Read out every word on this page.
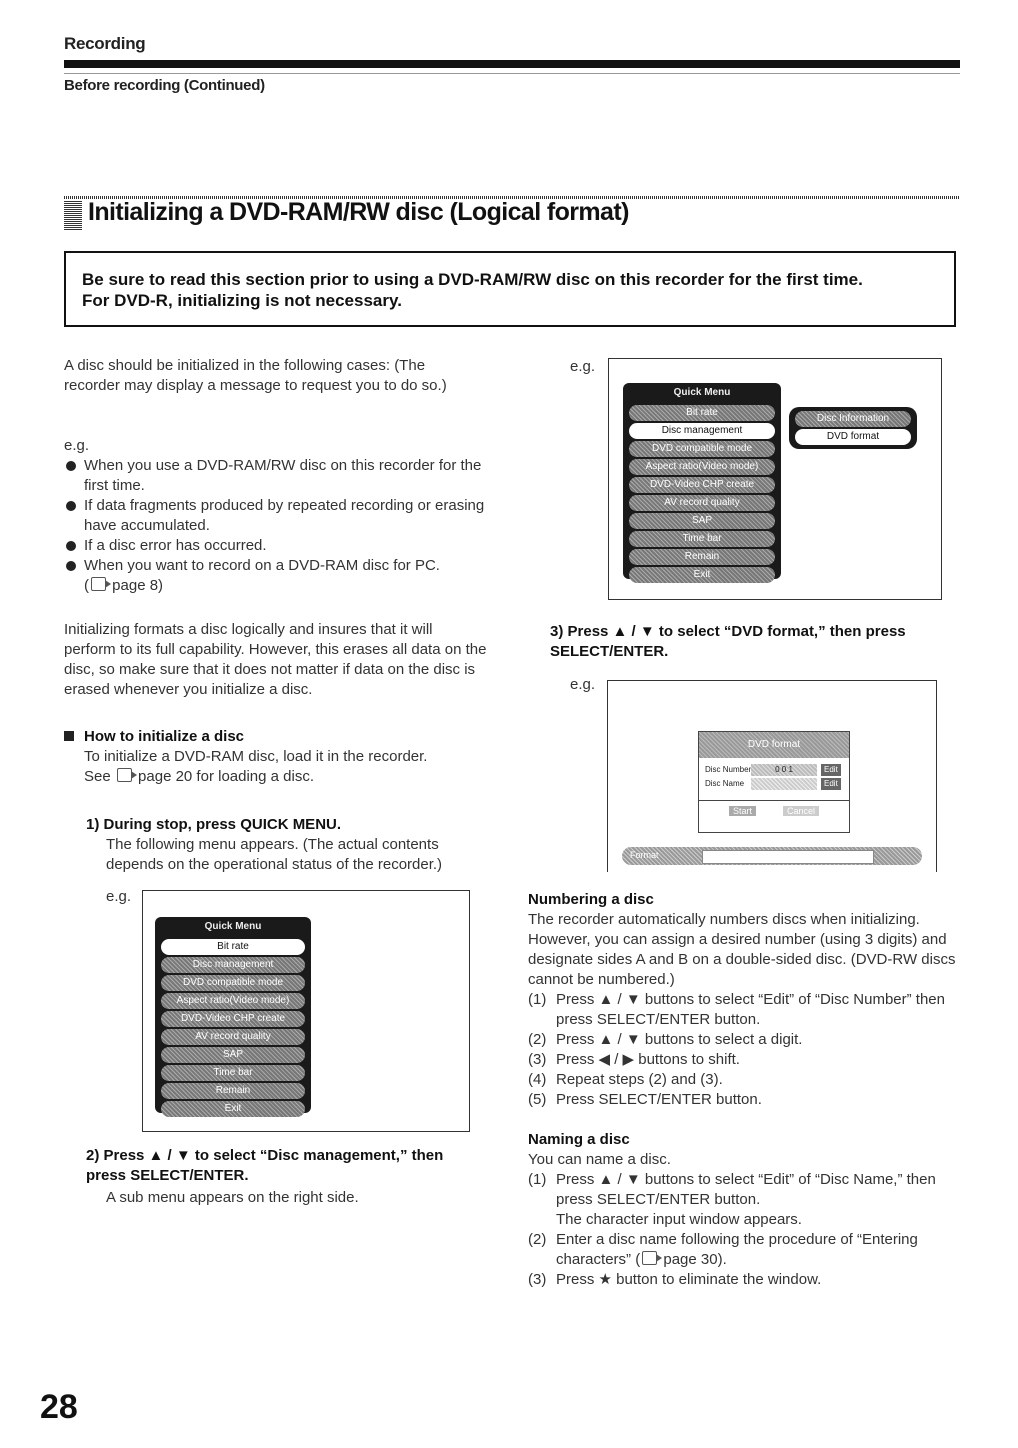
Recording
Before recording (Continued)
Initializing a DVD-RAM/RW disc (Logical format)
Be sure to read this section prior to using a DVD-RAM/RW disc on this recorder for the first time.
For DVD-R, initializing is not necessary.
A disc should be initialized in the following cases: (The recorder may display a message to request you to do so.)
e.g.
When you use a DVD-RAM/RW disc on this recorder for the first time.
If data fragments produced by repeated recording or erasing have accumulated.
If a disc error has occurred.
When you want to record on a DVD-RAM disc for PC.
( page 8)
Initializing formats a disc logically and insures that it will perform to its full capability. However, this erases all data on the disc, so make sure that it does not matter if data on the disc is erased whenever you initialize a disc.
How to initialize a disc
To initialize a DVD-RAM disc, load it in the recorder.
See page 20 for loading a disc.
1) During stop, press QUICK MENU.
The following menu appears. (The actual contents depends on the operational status of the recorder.)
e.g.
Quick Menu
Bit rate
Disc management
DVD compatible mode
Aspect ratio(Video mode)
DVD-Video CHP create
AV record quality
SAP
Time bar
Remain
Exit
2) Press ▲ / ▼ to select “Disc management,” then press SELECT/ENTER.
A sub menu appears on the right side.
e.g.
Quick Menu
Bit rate
Disc management
DVD compatible mode
Aspect ratio(Video mode)
DVD-Video CHP create
AV record quality
SAP
Time bar
Remain
Exit
Disc Information
DVD format
3) Press ▲ / ▼ to select “DVD format,” then press SELECT/ENTER.
e.g.
DVD format
Disc Number	0 0 1	Edit
Disc Name	Edit
Start	Cancel
Format
Numbering a disc
The recorder automatically numbers discs when initializing. However, you can assign a desired number (using 3 digits) and designate sides A and B on a double-sided disc. (DVD-RW discs cannot be numbered.)
(1) Press ▲ / ▼ buttons to select “Edit” of “Disc Number” then press SELECT/ENTER button.
(2) Press ▲ / ▼ buttons to select a digit.
(3) Press ◀ / ▶ buttons to shift.
(4) Repeat steps (2) and (3).
(5) Press SELECT/ENTER button.
Naming a disc
You can name a disc.
(1) Press ▲ / ▼ buttons to select “Edit” of “Disc Name,” then press SELECT/ENTER button.
The character input window appears.
(2) Enter a disc name following the procedure of “Entering characters” ( page 30).
(3) Press ★ button to eliminate the window.
28
